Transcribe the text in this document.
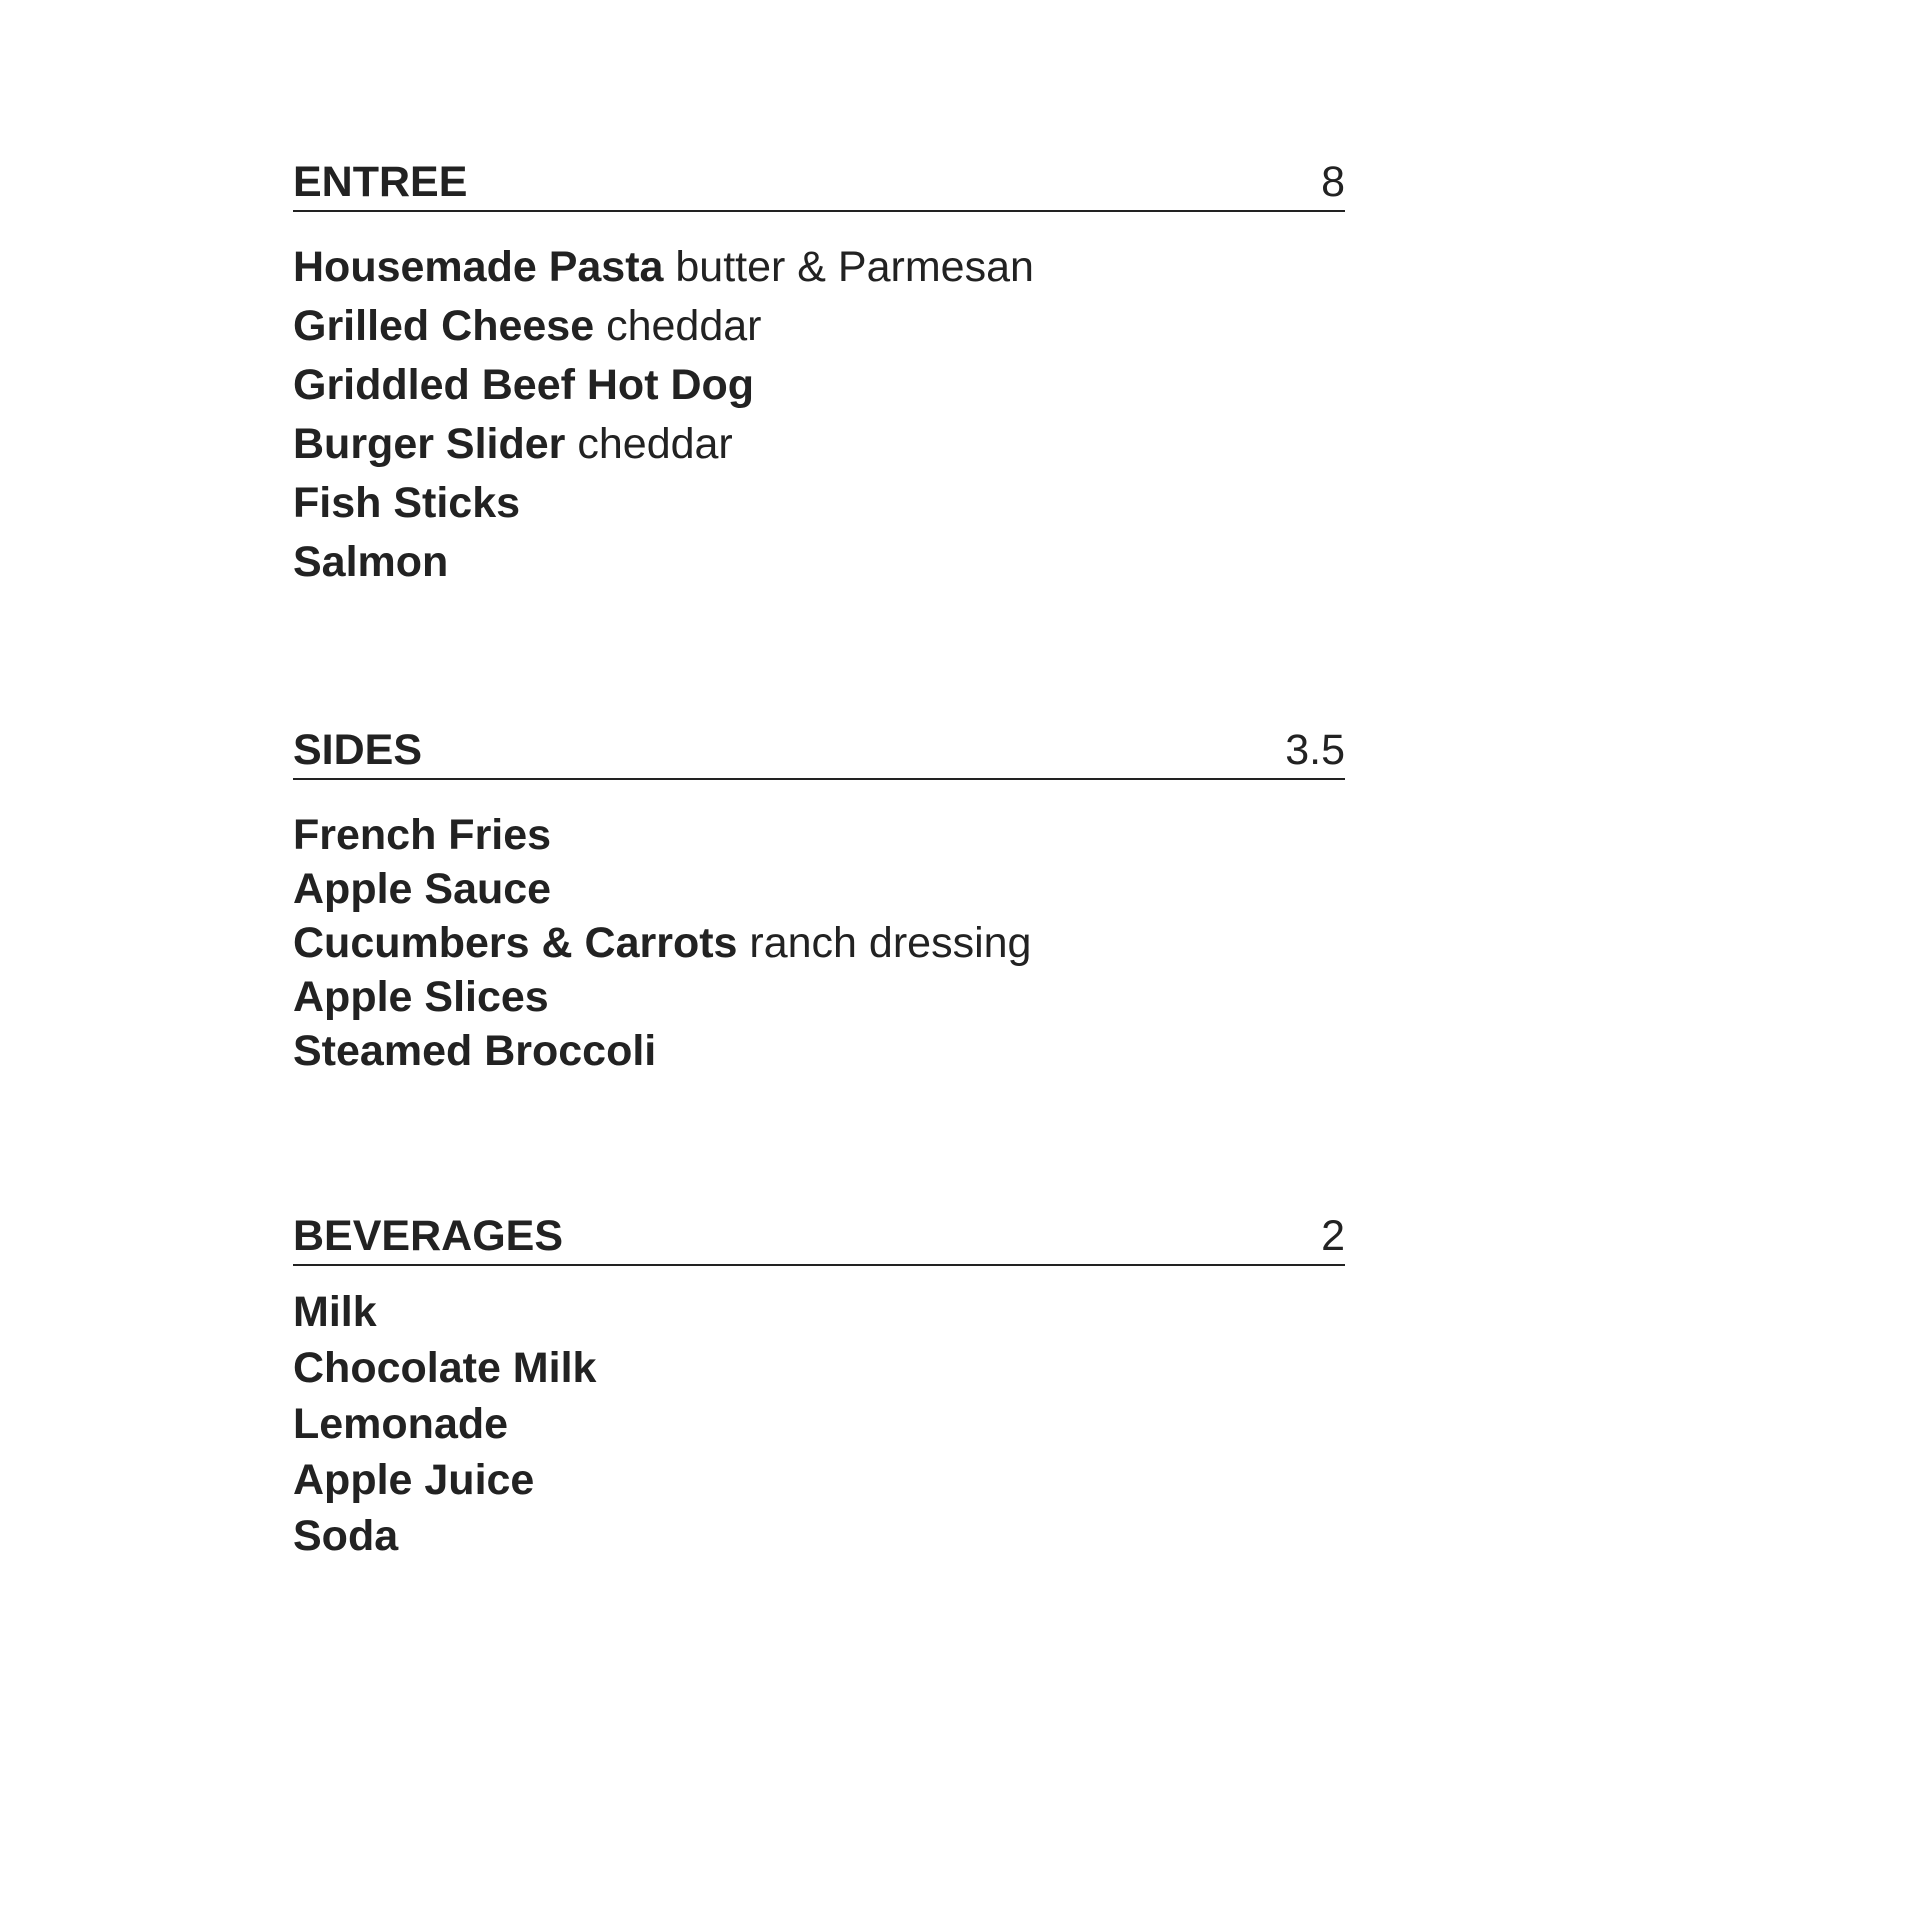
ENTREE	8
Housemade Pasta butter & Parmesan
Grilled Cheese cheddar
Griddled Beef Hot Dog
Burger Slider cheddar
Fish Sticks
Salmon
SIDES	3.5
French Fries
Apple Sauce
Cucumbers & Carrots ranch dressing
Apple Slices
Steamed Broccoli
BEVERAGES	2
Milk
Chocolate Milk
Lemonade
Apple Juice
Soda
